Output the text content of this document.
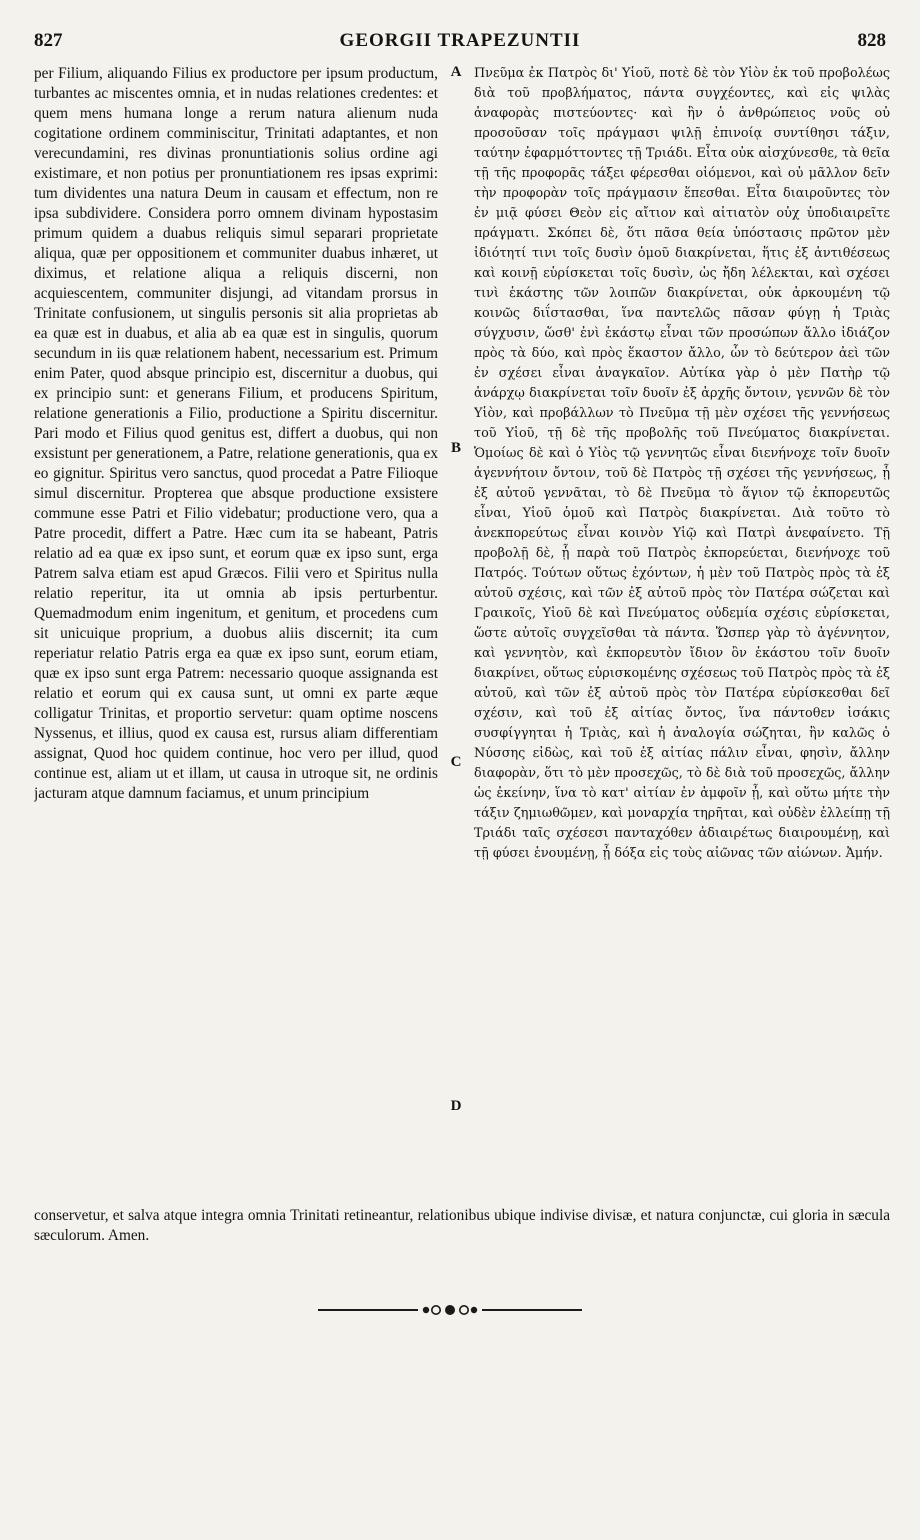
827	GEORGII TRAPEZUNTII	828

per Filium, aliquando Filius ex productore per ipsum productum, turbantes ac miscentes omnia, et in nudas relationes credentes: et quem mens humana longe a rerum natura alienum nuda cogitatione ordinem comminiscitur, Trinitati adaptantes, et non verecundamini, res divinas pronuntiationis solius ordine agi existimare, et non potius per pronuntiationem res ipsas exprimi: tum dividentes una natura Deum in causam et effectum, non re ipsa subdividere. Considera porro omnem divinam hypostasim primum quidem a duabus reliquis simul separari proprietate aliqua, quæ per oppositionem et communiter duabus inhæret, ut diximus, et relatione aliqua a reliquis discerni, non acquiescentem, communiter disjungi, ad vitandam prorsus in Trinitate confusionem, ut singulis personis sit alia proprietas ab ea quæ est in duabus, et alia ab ea quæ est in singulis, quorum secundum in iis quæ relationem habent, necessarium est. Primum enim Pater, quod absque principio est, discernitur a duobus, qui ex principio sunt: et generans Filium, et producens Spiritum, relatione generationis a Filio, productione a Spiritu discernitur. Pari modo et Filius quod genitus est, differt a duobus, qui non exsistunt per generationem, a Patre, relatione generationis, qua ex eo gignitur. Spiritus vero sanctus, quod procedat a Patre Filioque simul discernitur. Propterea que absque productione exsistere commune esse Patri et Filio videbatur; productione vero, qua a Patre procedit, differt a Patre. Hæc cum ita se habeant, Patris relatio ad ea quæ ex ipso sunt, et eorum quæ ex ipso sunt, erga Patrem salva etiam est apud Græcos. Filii vero et Spiritus nulla relatio reperitur, ita ut omnia ab ipsis perturbentur. Quemadmodum enim ingenitum, et genitum, et procedens cum sit unicuique proprium, a duobus aliis discernit; ita cum reperiatur relatio Patris erga ea quæ ex ipso sunt, eorum etiam, quæ ex ipso sunt erga Patrem: necessario quoque assignanda est relatio et eorum qui ex causa sunt, ut omni ex parte æque colligatur Trinitas, et proportio servetur: quam optime noscens Nyssenus, et illius, quod ex causa est, rursus aliam differentiam assignat, Quod hoc quidem continue, hoc vero per illud, quod continue est, aliam ut et illam, ut causa in utroque sit, ne ordinis jacturam atque damnum faciamus, et unum principium

Πνεῦμα ἐκ Πατρὸς δι' Υἱοῦ, ποτὲ δὲ τὸν Υἱὸν ἐκ τοῦ προβολέως διὰ τοῦ προβλήματος, πάντα συγχέοντες, καὶ εἰς ψιλὰς ἀναφορὰς πιστεύοντες· καὶ ἣν ὁ ἀνθρώπειος νοῦς οὐ προσοῦσαν τοῖς πράγμασι ψιλῇ ἐπινοίᾳ συντίθησι τάξιν, ταύτην ἐφαρμόττοντες τῇ Τριάδι. Εἶτα οὐκ αἰσχύνεσθε, τὰ θεῖα τῇ τῆς προφορᾶς τάξει φέρεσθαι οἰόμενοι, καὶ οὐ μᾶλλον δεῖν τὴν προφορὰν τοῖς πράγμασιν ἕπεσθαι. Εἶτα διαιροῦντες τὸν ἐν μιᾷ φύσει Θεὸν εἰς αἴτιον καὶ αἰτιατὸν οὐχ ὑποδιαιρεῖτε πράγματι. Σκόπει δὲ, ὅτι πᾶσα θεία ὑπόστασις πρῶτον μὲν ἰδιότητί τινι τοῖς δυσὶν ὁμοῦ διακρίνεται, ἥτις ἐξ ἀντιθέσεως καὶ κοινῇ εὑρίσκεται τοῖς δυσὶν, ὡς ἤδη λέλεκται, καὶ σχέσει τινὶ ἑκάστης τῶν λοιπῶν διακρίνεται, οὐκ ἀρκουμένη τῷ κοινῶς διΐστασθαι, ἵνα παντελῶς πᾶσαν φύγῃ ἡ Τριὰς σύγχυσιν, ὥσθ' ἐνὶ ἑκάστῳ εἶναι τῶν προσώπων ἄλλο ἰδιάζον πρὸς τὰ δύο, καὶ πρὸς ἕκαστον ἄλλο, ὧν τὸ δεύτερον ἀεὶ τῶν ἐν σχέσει εἶναι ἀναγκαῖον. Αὐτίκα γὰρ ὁ μὲν Πατὴρ τῷ ἀνάρχῳ διακρίνεται τοῖν δυοῖν ἐξ ἀρχῆς ὄντοιν, γεννῶν δὲ τὸν Υἱὸν, καὶ προβάλλων τὸ Πνεῦμα τῇ μὲν σχέσει τῆς γεννήσεως τοῦ Υἱοῦ, τῇ δὲ τῆς προβολῆς τοῦ Πνεύματος διακρίνεται. Ὁμοίως δὲ καὶ ὁ Υἱὸς τῷ γεννητῶς εἶναι διενήνοχε τοῖν δυοῖν ἀγεννήτοιν ὄντοιν, τοῦ δὲ Πατρὸς τῇ σχέσει τῆς γεννήσεως, ᾗ ἐξ αὐτοῦ γεννᾶται, τὸ δὲ Πνεῦμα τὸ ἅγιον τῷ ἐκπορευτῶς εἶναι, Υἱοῦ ὁμοῦ καὶ Πατρὸς διακρίνεται. Διὰ τοῦτο τὸ ἀνεκπορεύτως εἶναι κοινὸν Υἱῷ καὶ Πατρὶ ἀνεφαίνετο. Τῇ προβολῇ δὲ, ᾗ παρὰ τοῦ Πατρὸς ἐκπορεύεται, διενήνοχε τοῦ Πατρός. Τούτων οὕτως ἐχόντων, ἡ μὲν τοῦ Πατρὸς πρὸς τὰ ἐξ αὐτοῦ σχέσις, καὶ τῶν ἐξ αὐτοῦ πρὸς τὸν Πατέρα σώζεται καὶ Γραικοῖς, Υἱοῦ δὲ καὶ Πνεύματος οὐδεμία σχέσις εὑρίσκεται, ὥστε αὐτοῖς συγχεῖσθαι τὰ πάντα. Ὥσπερ γὰρ τὸ ἀγέννητον, καὶ γεννητὸν, καὶ ἐκπορευτὸν ἴδιον ὂν ἑκάστου τοῖν δυοῖν διακρίνει, οὕτως εὑρισκομένης σχέσεως τοῦ Πατρὸς πρὸς τὰ ἐξ αὐτοῦ, καὶ τῶν ἐξ αὐτοῦ πρὸς τὸν Πατέρα εὑρίσκεσθαι δεῖ σχέσιν, καὶ τοῦ ἐξ αἰτίας ὄντος, ἵνα πάντοθεν ἰσάκις συσφίγγηται ἡ Τριὰς, καὶ ἡ ἀναλογία σώζηται, ἣν καλῶς ὁ Νύσσης εἰδὼς, καὶ τοῦ ἐξ αἰτίας πάλιν εἶναι, φησὶν, ἄλλην διαφορὰν, ὅτι τὸ μὲν προσεχῶς, τὸ δὲ διὰ τοῦ προσεχῶς, ἄλλην ὡς ἐκείνην, ἵνα τὸ κατ' αἰτίαν ἐν ἀμφοῖν ᾖ, καὶ οὕτω μήτε τὴν τάξιν ζημιωθῶμεν, καὶ μοναρχία τηρῆται, καὶ οὐδὲν ἐλλείπῃ τῇ Τριάδι ταῖς σχέσεσι πανταχόθεν ἀδιαιρέτως διαιρουμένῃ, καὶ τῇ φύσει ἑνουμένῃ, ᾗ δόξα εἰς τοὺς αἰῶνας τῶν αἰώνων. Ἀμήν.

A
B
C
D

conservetur, et salva atque integra omnia Trinitati retineantur, relationibus ubique indivise divisæ, et natura conjunctæ, cui gloria in sæcula sæculorum. Amen.
